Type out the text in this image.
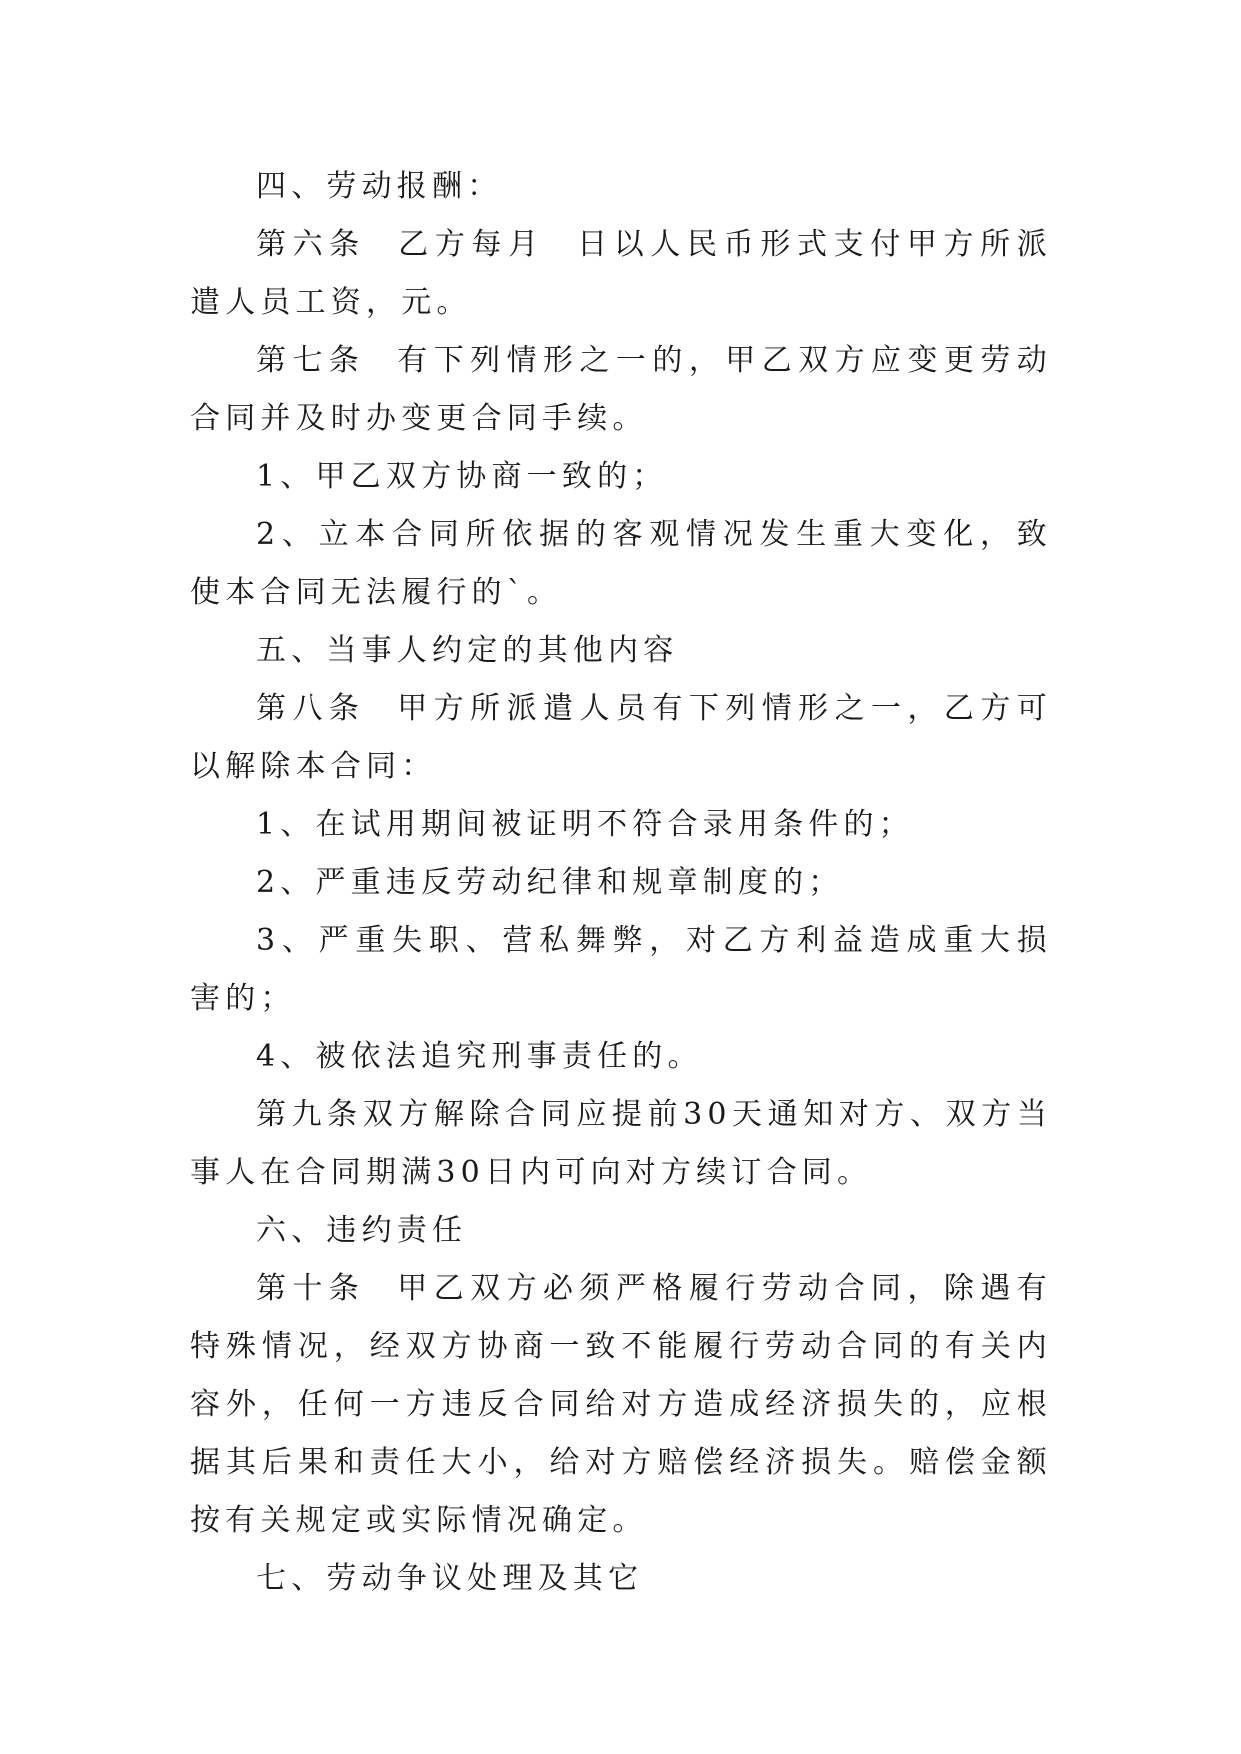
四、劳动报酬：

第六条  乙方每月  日以人民币形式支付甲方所派遣人员工资，元。

第七条  有下列情形之一的，甲乙双方应变更劳动合同并及时办变更合同手续。

1、甲乙双方协商一致的；

2、立本合同所依据的客观情况发生重大变化，致使本合同无法履行的`。

五、当事人约定的其他内容

第八条  甲方所派遣人员有下列情形之一，乙方可以解除本合同：

1、在试用期间被证明不符合录用条件的；

2、严重违反劳动纪律和规章制度的；

3、严重失职、营私舞弊，对乙方利益造成重大损害的；

4、被依法追究刑事责任的。

第九条双方解除合同应提前30天通知对方、双方当事人在合同期满30日内可向对方续订合同。

六、违约责任

第十条  甲乙双方必须严格履行劳动合同，除遇有特殊情况，经双方协商一致不能履行劳动合同的有关内容外，任何一方违反合同给对方造成经济损失的，应根据其后果和责任大小，给对方赔偿经济损失。赔偿金额按有关规定或实际情况确定。

七、劳动争议处理及其它
